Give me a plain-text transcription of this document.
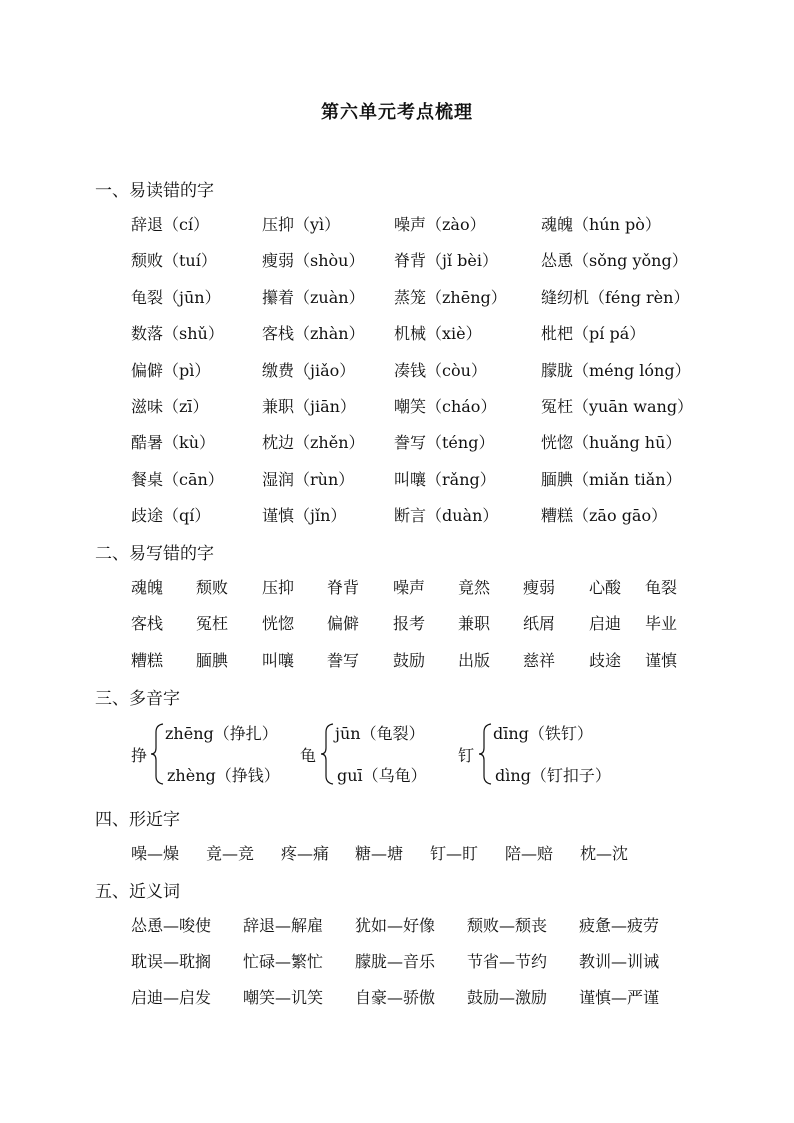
第六单元考点梳理
一、易读错的字
辞退（cí）	压抑（yì）	噪声（zào）	魂魄（hún pò）
颓败（tuí）	瘦弱（shòu） 脊背（jǐ bèi）	怂恿（sǒng yǒng）
龟裂（jūn）	攥着（zuàn） 蒸笼（zhēng） 缝纫机（féng rèn）
数落（shǔ） 客栈（zhàn） 机械（xiè）	枇杷（pí pá）
偏僻（pì）	缴费（jiǎo） 凑钱（còu）	朦胧（méng lóng）
滋味（zī）	兼职（jiān） 嘲笑（cháo）	冤枉（yuān wang）
酷暑（kù）	枕边（zhěn） 誊写（téng）	恍惚（huǎng hū）
餐桌（cān） 湿润（rùn） 叫嚷（rǎng）	腼腆（miǎn tiǎn）
歧途（qí）	谨慎（jǐn）	断言（duàn）	糟糕（zāo gāo）
二、易写错的字
魂魄 颓败 压抑 脊背 噪声 竟然 瘦弱 心酸 龟裂
客栈 冤枉 恍惚 偏僻 报考 兼职 纸屑 启迪 毕业
糟糕 腼腆 叫嚷 誊写 鼓励 出版 慈祥 歧途 谨慎
三、多音字
挣
zhēng（挣扎）
zhèng（挣钱）
龟
jūn（龟裂）
guī（乌龟）
钉
dīng（铁钉）
dìng（钉扣子）
四、形近字
噪—燥 竟—竞 疼—痛 糖—塘 钉—盯 陪—赔 枕—沈
五、近义词
怂恿—唆使 辞退—解雇 犹如—好像 颓败—颓丧 疲惫—疲劳
耽误—耽搁 忙碌—繁忙 朦胧—音乐 节省—节约 教训—训诫
启迪—启发 嘲笑—讥笑 自豪—骄傲 鼓励—激励 谨慎—严谨
